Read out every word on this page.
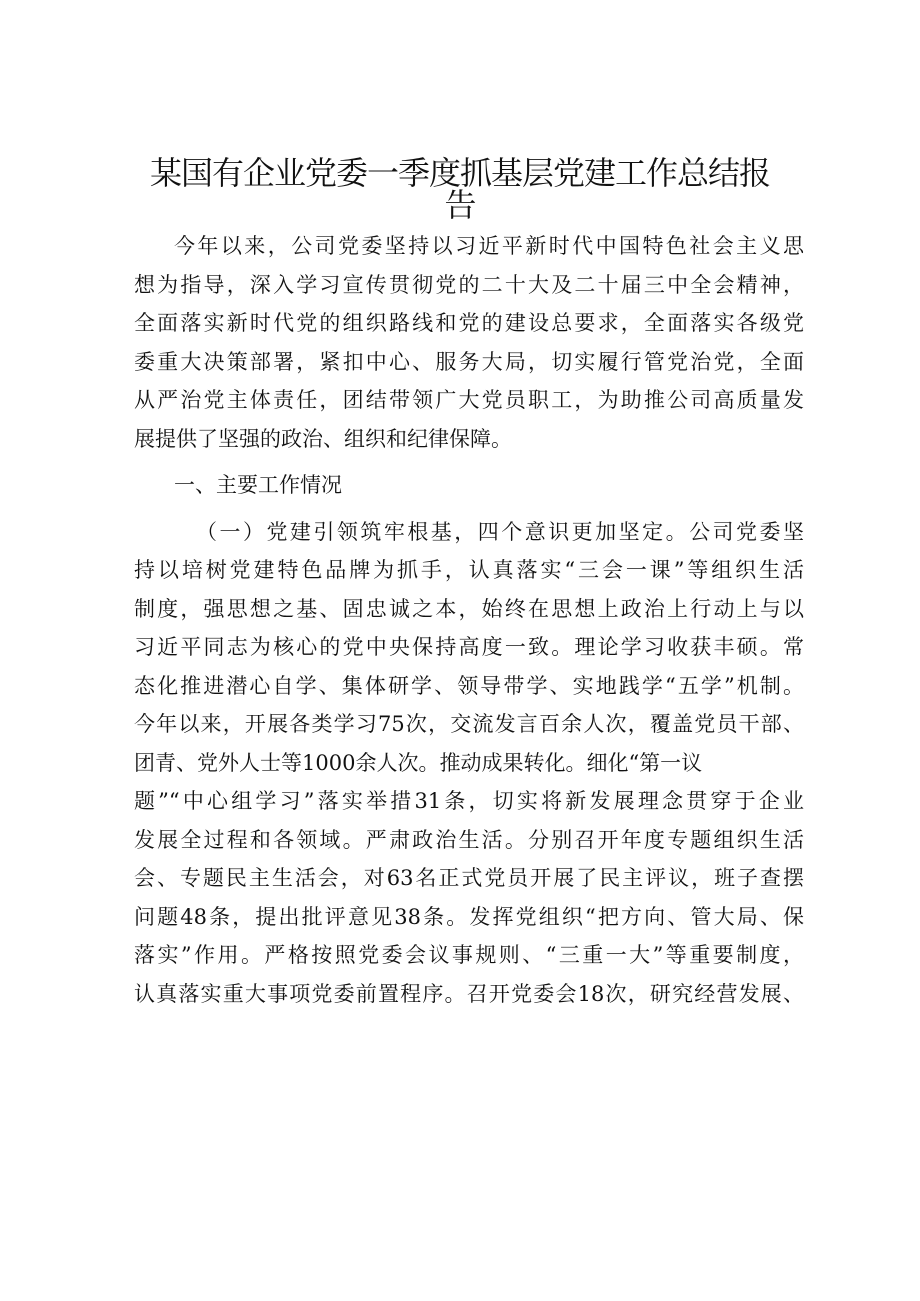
某国有企业党委一季度抓基层党建工作总结报
告
今年以来，公司党委坚持以习近平新时代中国特色社会主义思
想为指导，深入学习宣传贯彻党的二十大及二十届三中全会精神，
全面落实新时代党的组织路线和党的建设总要求，全面落实各级党
委重大决策部署，紧扣中心、服务大局，切实履行管党治党，全面
从严治党主体责任，团结带领广大党员职工，为助推公司高质量发
展提供了坚强的政治、组织和纪律保障。
一、主要工作情况
（一）党建引领筑牢根基，四个意识更加坚定。公司党委坚
持以培树党建特色品牌为抓手，认真落实“三会一课”等组织生活
制度，强思想之基、固忠诚之本，始终在思想上政治上行动上与以
习近平同志为核心的党中央保持高度一致。理论学习收获丰硕。常
态化推进潜心自学、集体研学、领导带学、实地践学“五学”机制。
今年以来，开展各类学习75次，交流发言百余人次，覆盖党员干部、
团青、党外人士等1000余人次。推动成果转化。细化“第一议
题”“中心组学习”落实举措31条，切实将新发展理念贯穿于企业
发展全过程和各领域。严肃政治生活。分别召开年度专题组织生活
会、专题民主生活会，对63名正式党员开展了民主评议，班子查摆
问题48条，提出批评意见38条。发挥党组织“把方向、管大局、保
落实”作用。严格按照党委会议事规则、“三重一大”等重要制度，
认真落实重大事项党委前置程序。召开党委会18次，研究经营发展、
